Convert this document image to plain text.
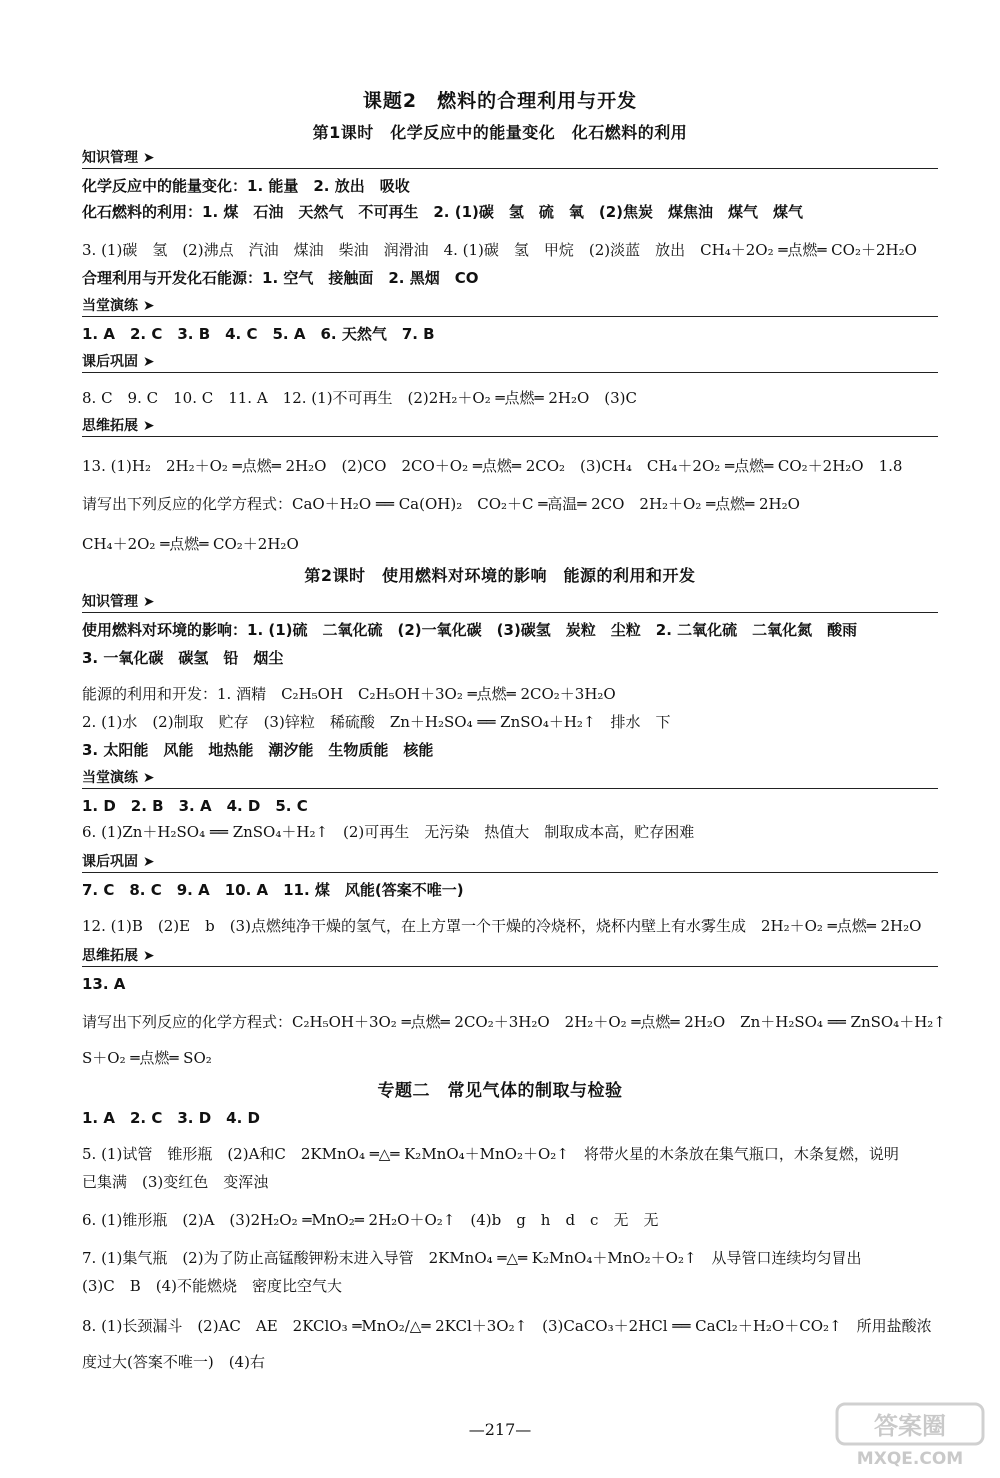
课题2　燃料的合理利用与开发
第1课时　化学反应中的能量变化　化石燃料的利用
知识管理 ➤
化学反应中的能量变化：1. 能量　2. 放出　吸收
化石燃料的利用：1. 煤　石油　天然气　不可再生　2. (1)碳　氢　硫　氧　(2)焦炭　煤焦油　煤气　煤气
3. (1)碳　氢　(2)沸点　汽油　煤油　柴油　润滑油　4. (1)碳　氢　甲烷　(2)淡蓝　放出　CH₄＋2O₂ ═点燃═ CO₂＋2H₂O
合理利用与开发化石能源：1. 空气　接触面　2. 黑烟　CO
当堂演练 ➤
1. A　2. C　3. B　4. C　5. A　6. 天然气　7. B
课后巩固 ➤
8. C　9. C　10. C　11. A　12. (1)不可再生　(2)2H₂＋O₂ ═点燃═ 2H₂O　(3)C
思维拓展 ➤
13. (1)H₂　2H₂＋O₂ ═点燃═ 2H₂O　(2)CO　2CO＋O₂ ═点燃═ 2CO₂　(3)CH₄　CH₄＋2O₂ ═点燃═ CO₂＋2H₂O　1.8
请写出下列反应的化学方程式：CaO＋H₂O ══ Ca(OH)₂　CO₂＋C ═高温═ 2CO　2H₂＋O₂ ═点燃═ 2H₂O
CH₄＋2O₂ ═点燃═ CO₂＋2H₂O
第2课时　使用燃料对环境的影响　能源的利用和开发
知识管理 ➤
使用燃料对环境的影响：1. (1)硫　二氧化硫　(2)一氧化碳　(3)碳氢　炭粒　尘粒　2. 二氧化硫　二氧化氮　酸雨
3. 一氧化碳　碳氢　铅　烟尘
能源的利用和开发：1. 酒精　C₂H₅OH　C₂H₅OH＋3O₂ ═点燃═ 2CO₂＋3H₂O
2. (1)水　(2)制取　贮存　(3)锌粒　稀硫酸　Zn＋H₂SO₄ ══ ZnSO₄＋H₂↑　排水　下
3. 太阳能　风能　地热能　潮汐能　生物质能　核能
当堂演练 ➤
1. D　2. B　3. A　4. D　5. C
6. (1)Zn＋H₂SO₄ ══ ZnSO₄＋H₂↑　(2)可再生　无污染　热值大　制取成本高，贮存困难
课后巩固 ➤
7. C　8. C　9. A　10. A　11. 煤　风能(答案不唯一)
12. (1)B　(2)E　b　(3)点燃纯净干燥的氢气，在上方罩一个干燥的冷烧杯，烧杯内壁上有水雾生成　2H₂＋O₂ ═点燃═ 2H₂O
思维拓展 ➤
13. A
请写出下列反应的化学方程式：C₂H₅OH＋3O₂ ═点燃═ 2CO₂＋3H₂O　2H₂＋O₂ ═点燃═ 2H₂O　Zn＋H₂SO₄ ══ ZnSO₄＋H₂↑
S＋O₂ ═点燃═ SO₂
专题二　常见气体的制取与检验
1. A　2. C　3. D　4. D
5. (1)试管　锥形瓶　(2)A和C　2KMnO₄ ═△═ K₂MnO₄＋MnO₂＋O₂↑　将带火星的木条放在集气瓶口，木条复燃，说明
已集满　(3)变红色　变浑浊
6. (1)锥形瓶　(2)A　(3)2H₂O₂ ═MnO₂═ 2H₂O＋O₂↑　(4)b　g　h　d　c　无　无
7. (1)集气瓶　(2)为了防止高锰酸钾粉末进入导管　2KMnO₄ ═△═ K₂MnO₄＋MnO₂＋O₂↑　从导管口连续均匀冒出
(3)C　B　(4)不能燃烧　密度比空气大
8. (1)长颈漏斗　(2)AC　AE　2KClO₃ ═MnO₂/△═ 2KCl＋3O₂↑　(3)CaCO₃＋2HCl ══ CaCl₂＋H₂O＋CO₂↑　所用盐酸浓
度过大(答案不唯一)　(4)右
—217—	答案圈
MXQE.COM
